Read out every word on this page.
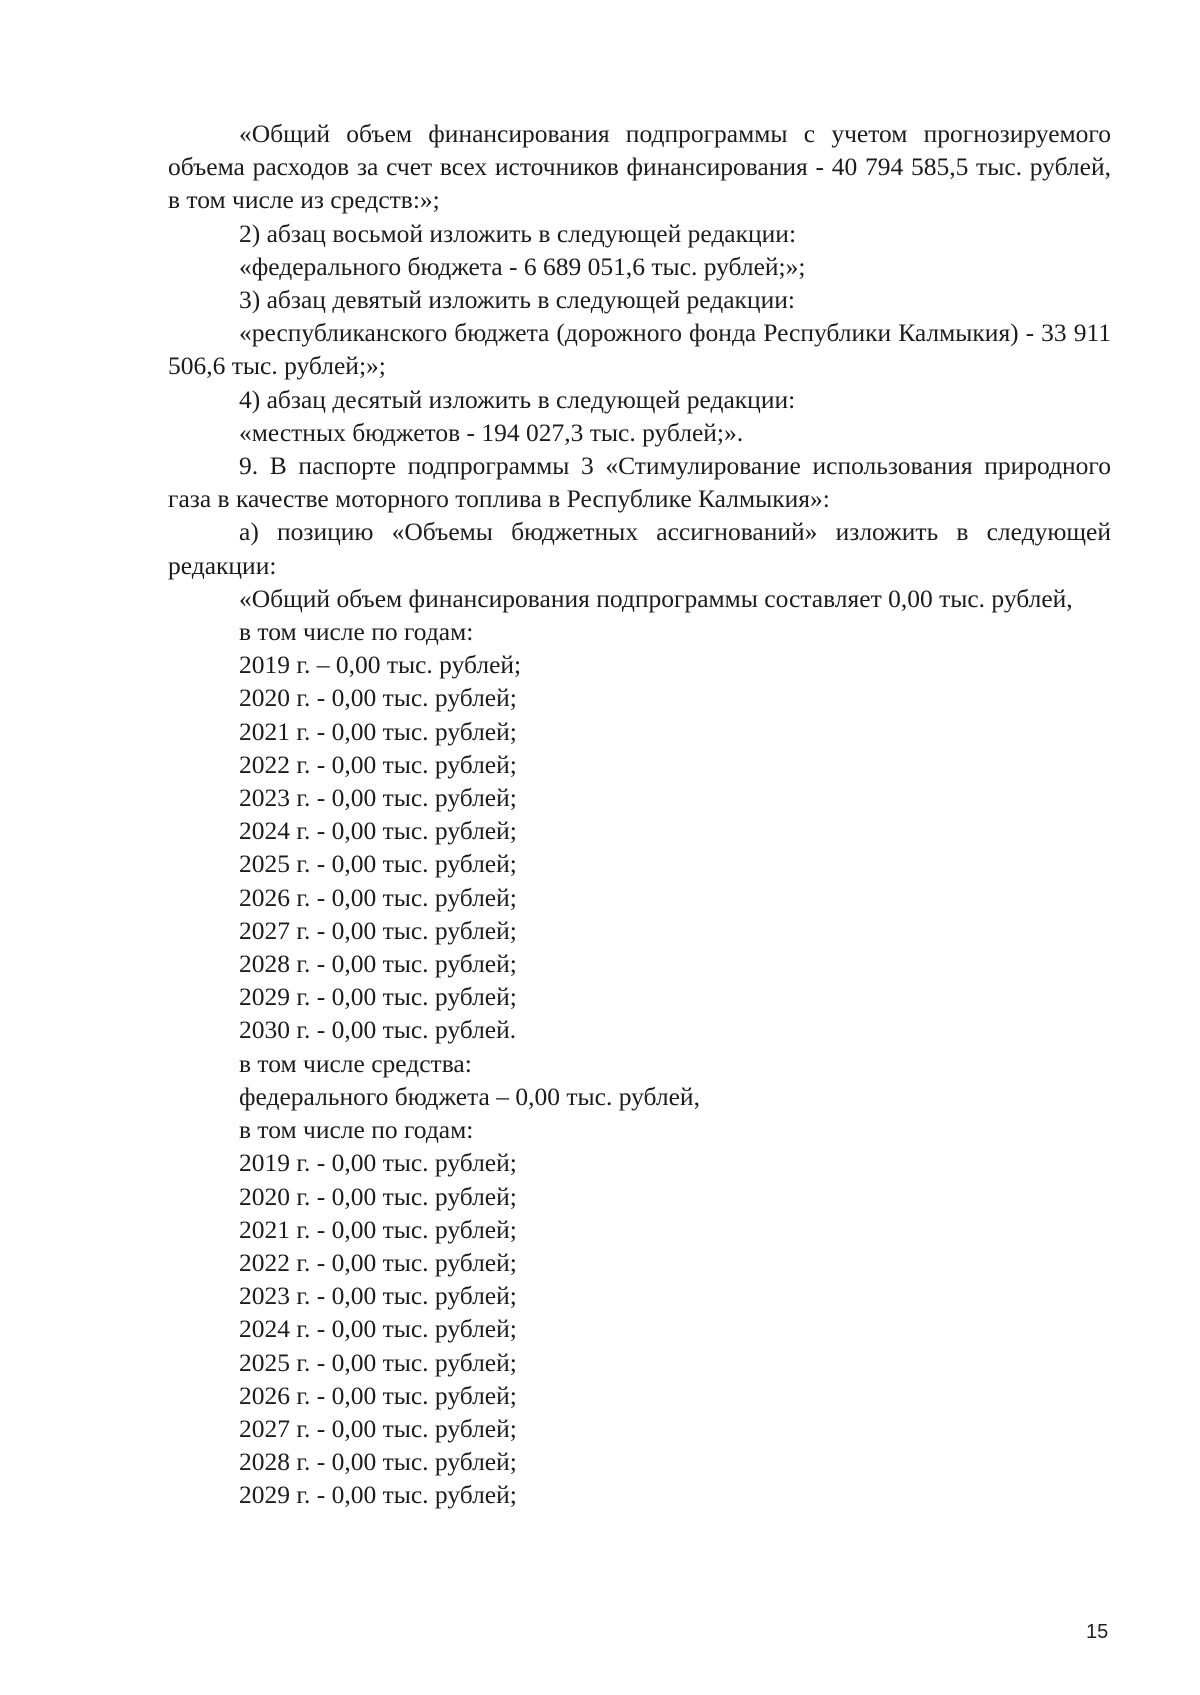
«Общий объем финансирования подпрограммы с учетом прогнозируемого объема расходов за счет всех источников финансирования - 40 794 585,5 тыс. рублей, в том числе из средств:»;

2) абзац восьмой изложить в следующей редакции:

«федерального бюджета - 6 689 051,6 тыс. рублей;»;

3) абзац девятый изложить в следующей редакции:

«республиканского бюджета (дорожного фонда Республики Калмыкия) - 33 911 506,6 тыс. рублей;»;

4) абзац десятый изложить в следующей редакции:

«местных бюджетов - 194 027,3 тыс. рублей;».

9. В паспорте подпрограммы 3 «Стимулирование использования природного газа в качестве моторного топлива в Республике Калмыкия»:

а) позицию «Объемы бюджетных ассигнований» изложить в следующей редакции:

«Общий объем финансирования подпрограммы составляет 0,00 тыс. рублей,

в том числе по годам:

2019 г. – 0,00 тыс. рублей;

2020 г. - 0,00 тыс. рублей;

2021 г. - 0,00 тыс. рублей;

2022 г. - 0,00 тыс. рублей;

2023 г. - 0,00 тыс. рублей;

2024 г. - 0,00 тыс. рублей;

2025 г. - 0,00 тыс. рублей;

2026 г. - 0,00 тыс. рублей;

2027 г. - 0,00 тыс. рублей;

2028 г. - 0,00 тыс. рублей;

2029 г. - 0,00 тыс. рублей;

2030 г. - 0,00 тыс. рублей.

в том числе средства:

федерального бюджета – 0,00 тыс. рублей,

в том числе по годам:

2019 г. - 0,00 тыс. рублей;

2020 г. - 0,00 тыс. рублей;

2021 г. - 0,00 тыс. рублей;

2022 г. - 0,00 тыс. рублей;

2023 г. - 0,00 тыс. рублей;

2024 г. - 0,00 тыс. рублей;

2025 г. - 0,00 тыс. рублей;

2026 г. - 0,00 тыс. рублей;

2027 г. - 0,00 тыс. рублей;

2028 г. - 0,00 тыс. рублей;

2029 г. - 0,00 тыс. рублей;

15
